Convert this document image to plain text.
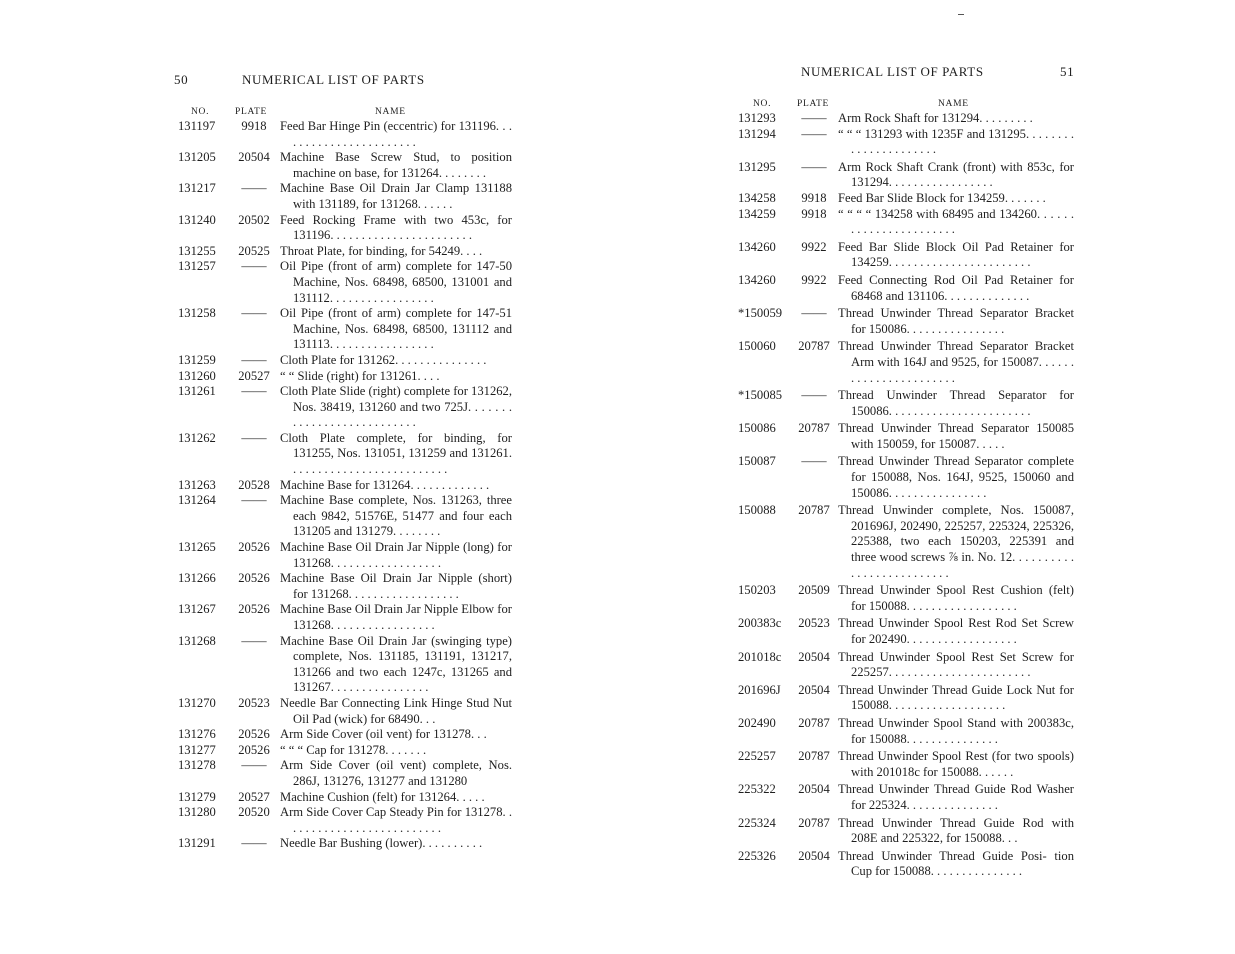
50	NUMERICAL LIST OF PARTS
NO.	PLATE	NAME
131197	9918	Feed Bar Hinge Pin (eccentric) for 131196. . . . . . . . . . . . . . . . . . . . . . .
131205	20504 Machine Base Screw Stud, to position machine on base, for 131264. . . . . . . .
131217	——	Machine Base Oil Drain Jar Clamp 131188 with 131189, for 131268. . . . . .
131240	20502 Feed Rocking Frame with two 453c, for 131196. . . . . . . . . . . . . . . . . . . . . . .
131255	20525 Throat Plate, for binding, for 54249. . . .
131257	——	Oil Pipe (front of arm) complete for 147-50 Machine, Nos. 68498, 68500, 131001 and 131112. . . . . . . . . . . . . . . . .
131258	——	Oil Pipe (front of arm) complete for 147-51 Machine, Nos. 68498, 68500, 131112 and 131113. . . . . . . . . . . . . . . . .
131259	——	Cloth Plate for 131262. . . . . . . . . . . . . . .
131260	20527 “ “ Slide (right) for 131261. . . .
131261	——	Cloth Plate Slide (right) complete for 131262, Nos. 38419, 131260 and two 725J. . . . . . . . . . . . . . . . . . . . . . . . . . .
131262	——	Cloth Plate complete, for binding, for 131255, Nos. 131051, 131259 and 131261. . . . . . . . . . . . . . . . . . . . . . . . . .
131263	20528 Machine Base for 131264. . . . . . . . . . . . .
131264	——	Machine Base complete, Nos. 131263, three each 9842, 51576E, 51477 and four each 131205 and 131279. . . . . . . .
131265	20526 Machine Base Oil Drain Jar Nipple (long) for 131268. . . . . . . . . . . . . . . . . .
131266	20526 Machine Base Oil Drain Jar Nipple (short) for 131268. . . . . . . . . . . . . . . . . .
131267	20526 Machine Base Oil Drain Jar Nipple Elbow for 131268. . . . . . . . . . . . . . . . .
131268	——	Machine Base Oil Drain Jar (swinging type) complete, Nos. 131185, 131191, 131217, 131266 and two each 1247c, 131265 and 131267. . . . . . . . . . . . . . . .
131270	20523 Needle Bar Connecting Link Hinge Stud Nut Oil Pad (wick) for 68490. . .
131276	20526 Arm Side Cover (oil vent) for 131278. . .
131277	20526 “ “ “ Cap for 131278. . . . . . .
131278	——	Arm Side Cover (oil vent) complete, Nos. 286J, 131276, 131277 and 131280
131279	20527 Machine Cushion (felt) for 131264. . . . .
131280	20520 Arm Side Cover Cap Steady Pin for 131278. . . . . . . . . . . . . . . . . . . . . . . . . .
131291	——	Needle Bar Bushing (lower). . . . . . . . . .
NUMERICAL LIST OF PARTS	51
NO.	PLATE	NAME
131293	—— Arm Rock Shaft for 131294. . . . . . . . .
131294	—— “ “ “ 131293 with 1235F and 131295. . . . . . . . . . . . . . . . . . . . . .
131295	—— Arm Rock Shaft Crank (front) with 853c, for 131294. . . . . . . . . . . . . . . . .
134258	9918 Feed Bar Slide Block for 134259. . . . . . .
134259	9918 “ “ “ “ 134258 with 68495 and 134260. . . . . . . . . . . . . . . . . . . . . . .
134260	9922 Feed Bar Slide Block Oil Pad Retainer for 134259. . . . . . . . . . . . . . . . . . . . . . .
134260	9922 Feed Connecting Rod Oil Pad Retainer for 68468 and 131106. . . . . . . . . . . . . .
*150059	—— Thread Unwinder Thread Separator Bracket for 150086. . . . . . . . . . . . . . . .
150060	20787 Thread Unwinder Thread Separator Bracket Arm with 164J and 9525, for 150087. . . . . . . . . . . . . . . . . . . . . . .
*150085	—— Thread Unwinder Thread Separator for 150086. . . . . . . . . . . . . . . . . . . . . . .
150086	20787 Thread Unwinder Thread Separator 150085 with 150059, for 150087. . . . .
150087	—— Thread Unwinder Thread Separator complete for 150088, Nos. 164J, 9525, 150060 and 150086. . . . . . . . . . . . . . . .
150088	20787 Thread Unwinder complete, Nos. 150087, 201696J, 202490, 225257, 225324, 225326, 225388, two each 150203, 225391 and three wood screws ⅞ in. No. 12. . . . . . . . . . . . . . . . . . . . . . . . . .
150203	20509 Thread Unwinder Spool Rest Cushion (felt) for 150088. . . . . . . . . . . . . . . . . .
200383c	20523 Thread Unwinder Spool Rest Rod Set Screw for 202490. . . . . . . . . . . . . . . . . .
201018c	20504 Thread Unwinder Spool Rest Set Screw for 225257. . . . . . . . . . . . . . . . . . . . . . .
201696J	20504 Thread Unwinder Thread Guide Lock Nut for 150088. . . . . . . . . . . . . . . . . . .
202490	20787 Thread Unwinder Spool Stand with 200383c, for 150088. . . . . . . . . . . . . . .
225257	20787 Thread Unwinder Spool Rest (for two spools) with 201018c for 150088. . . . . .
225322	20504 Thread Unwinder Thread Guide Rod Washer for 225324. . . . . . . . . . . . . . .
225324	20787 Thread Unwinder Thread Guide Rod with 208E and 225322, for 150088. . .
225326	20504 Thread Unwinder Thread Guide Posi- tion Cup for 150088. . . . . . . . . . . . . . .
